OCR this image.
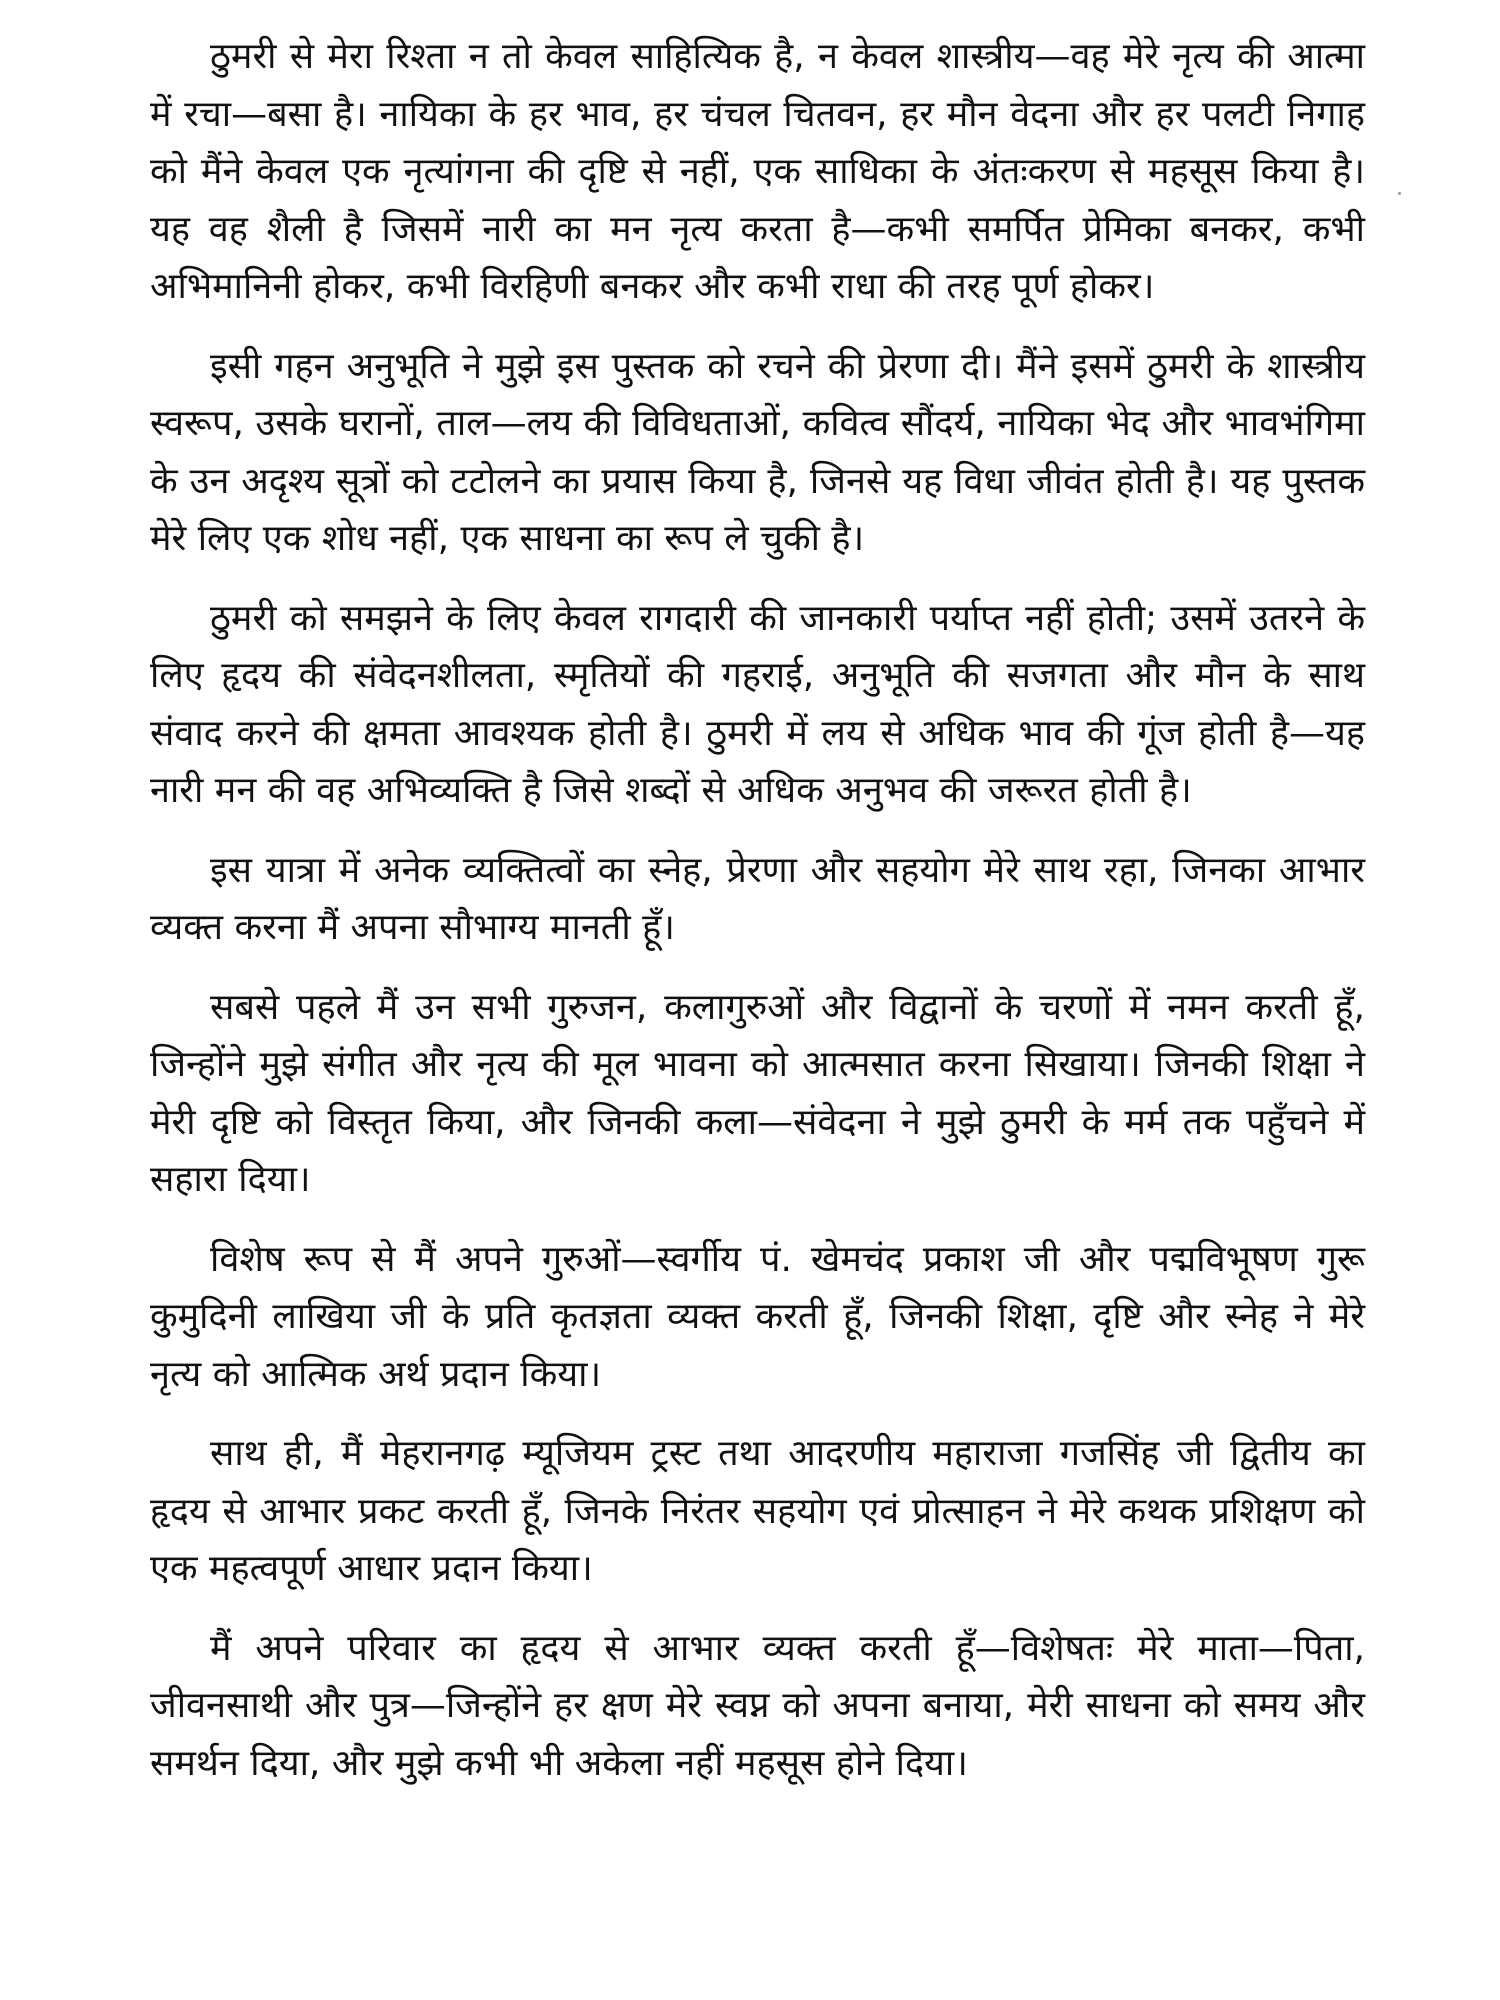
ठुमरी से मेरा रिश्ता न तो केवल साहित्यिक है, न केवल शास्त्रीय—वह मेरे नृत्य की आत्मा में रचा—बसा है। नायिका के हर भाव, हर चंचल चितवन, हर मौन वेदना और हर पलटी निगाह को मैंने केवल एक नृत्यांगना की दृष्टि से नहीं, एक साधिका के अंतःकरण से महसूस किया है। यह वह शैली है जिसमें नारी का मन नृत्य करता है—कभी समर्पित प्रेमिका बनकर, कभी अभिमानिनी होकर, कभी विरहिणी बनकर और कभी राधा की तरह पूर्ण होकर।

इसी गहन अनुभूति ने मुझे इस पुस्तक को रचने की प्रेरणा दी। मैंने इसमें ठुमरी के शास्त्रीय स्वरूप, उसके घरानों, ताल—लय की विविधताओं, कवित्व सौंदर्य, नायिका भेद और भावभंगिमा के उन अदृश्य सूत्रों को टटोलने का प्रयास किया है, जिनसे यह विधा जीवंत होती है। यह पुस्तक मेरे लिए एक शोध नहीं, एक साधना का रूप ले चुकी है।

ठुमरी को समझने के लिए केवल रागदारी की जानकारी पर्याप्त नहीं होती; उसमें उतरने के लिए हृदय की संवेदनशीलता, स्मृतियों की गहराई, अनुभूति की सजगता और मौन के साथ संवाद करने की क्षमता आवश्यक होती है। ठुमरी में लय से अधिक भाव की गूंज होती है—यह नारी मन की वह अभिव्यक्ति है जिसे शब्दों से अधिक अनुभव की जरूरत होती है।

इस यात्रा में अनेक व्यक्तित्वों का स्नेह, प्रेरणा और सहयोग मेरे साथ रहा, जिनका आभार व्यक्त करना मैं अपना सौभाग्य मानती हूँ।

सबसे पहले मैं उन सभी गुरुजन, कलागुरुओं और विद्वानों के चरणों में नमन करती हूँ, जिन्होंने मुझे संगीत और नृत्य की मूल भावना को आत्मसात करना सिखाया। जिनकी शिक्षा ने मेरी दृष्टि को विस्तृत किया, और जिनकी कला—संवेदना ने मुझे ठुमरी के मर्म तक पहुँचने में सहारा दिया।

विशेष रूप से मैं अपने गुरुओं—स्वर्गीय पं. खेमचंद प्रकाश जी और पद्मविभूषण गुरू कुमुदिनी लाखिया जी के प्रति कृतज्ञता व्यक्त करती हूँ, जिनकी शिक्षा, दृष्टि और स्नेह ने मेरे नृत्य को आत्मिक अर्थ प्रदान किया।

साथ ही, मैं मेहरानगढ़ म्यूजियम ट्रस्ट तथा आदरणीय महाराजा गजसिंह जी द्वितीय का हृदय से आभार प्रकट करती हूँ, जिनके निरंतर सहयोग एवं प्रोत्साहन ने मेरे कथक प्रशिक्षण को एक महत्वपूर्ण आधार प्रदान किया।

मैं अपने परिवार का हृदय से आभार व्यक्त करती हूँ—विशेषतः मेरे माता—पिता, जीवनसाथी और पुत्र—जिन्होंने हर क्षण मेरे स्वप्न को अपना बनाया, मेरी साधना को समय और समर्थन दिया, और मुझे कभी भी अकेला नहीं महसूस होने दिया।
